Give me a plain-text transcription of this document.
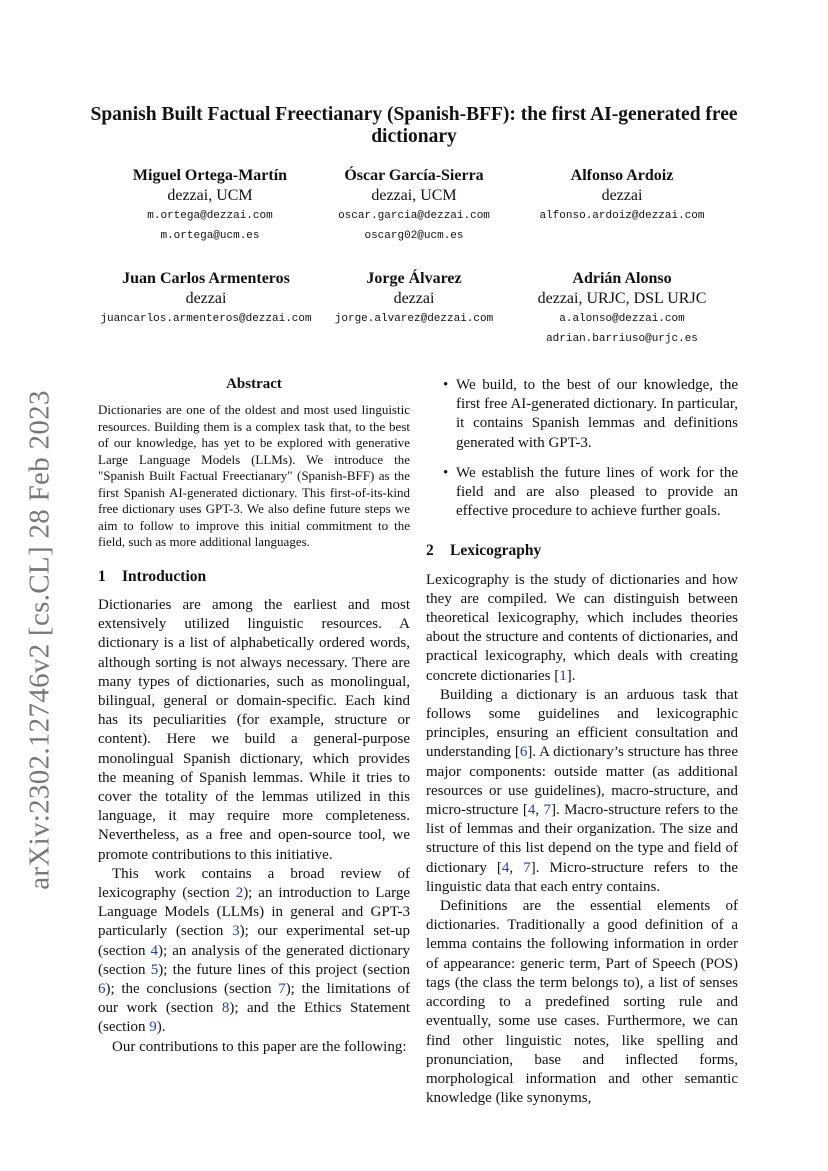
arXiv:2302.12746v2 [cs.CL] 28 Feb 2023
Spanish Built Factual Freectianary (Spanish-BFF): the first AI-generated free dictionary
Miguel Ortega-Martín
dezzai, UCM
m.ortega@dezzai.com
m.ortega@ucm.es
Óscar García-Sierra
dezzai, UCM
oscar.garcia@dezzai.com
oscarg02@ucm.es
Alfonso Ardoiz
dezzai
alfonso.ardoiz@dezzai.com
Juan Carlos Armenteros
dezzai
juancarlos.armenteros@dezzai.com
Jorge Álvarez
dezzai
jorge.alvarez@dezzai.com
Adrián Alonso
dezzai, URJC, DSL URJC
a.alonso@dezzai.com
adrian.barriuso@urjc.es
Abstract

Dictionaries are one of the oldest and most used linguistic resources. Building them is a complex task that, to the best of our knowledge, has yet to be explored with generative Large Language Models (LLMs). We introduce the "Spanish Built Factual Freectianary" (Spanish-BFF) as the first Spanish AI-generated dictionary. This first-of-its-kind free dictionary uses GPT-3. We also define future steps we aim to follow to improve this initial commitment to the field, such as more additional languages.

1 Introduction

Dictionaries are among the earliest and most extensively utilized linguistic resources. A dictionary is a list of alphabetically ordered words, although sorting is not always necessary. There are many types of dictionaries, such as monolingual, bilingual, general or domain-specific. Each kind has its peculiarities (for example, structure or content). Here we build a general-purpose monolingual Spanish dictionary, which provides the meaning of Spanish lemmas. While it tries to cover the totality of the lemmas utilized in this language, it may require more completeness. Nevertheless, as a free and open-source tool, we promote contributions to this initiative.

This work contains a broad review of lexicography (section 2); an introduction to Large Language Models (LLMs) in general and GPT-3 particularly (section 3); our experimental set-up (section 4); an analysis of the generated dictionary (section 5); the future lines of this project (section 6); the conclusions (section 7); the limitations of our work (section 8); and the Ethics Statement (section 9).

Our contributions to this paper are the following:

• We build, to the best of our knowledge, the first free AI-generated dictionary. In particular, it contains Spanish lemmas and definitions generated with GPT-3.
• We establish the future lines of work for the field and are also pleased to provide an effective procedure to achieve further goals.
2 Lexicography

Lexicography is the study of dictionaries and how they are compiled. We can distinguish between theoretical lexicography, which includes theories about the structure and contents of dictionaries, and practical lexicography, which deals with creating concrete dictionaries [1].

Building a dictionary is an arduous task that follows some guidelines and lexicographic principles, ensuring an efficient consultation and understanding [6]. A dictionary’s structure has three major components: outside matter (as additional resources or use guidelines), macro-structure, and micro-structure [4, 7]. Macro-structure refers to the list of lemmas and their organization. The size and structure of this list depend on the type and field of dictionary [4, 7]. Micro-structure refers to the linguistic data that each entry contains.

Definitions are the essential elements of dictionaries. Traditionally a good definition of a lemma contains the following information in order of appearance: generic term, Part of Speech (POS) tags (the class the term belongs to), a list of senses according to a predefined sorting rule and eventually, some use cases. Furthermore, we can find other linguistic notes, like spelling and pronunciation, base and inflected forms, morphological information and other semantic knowledge (like synonyms,
